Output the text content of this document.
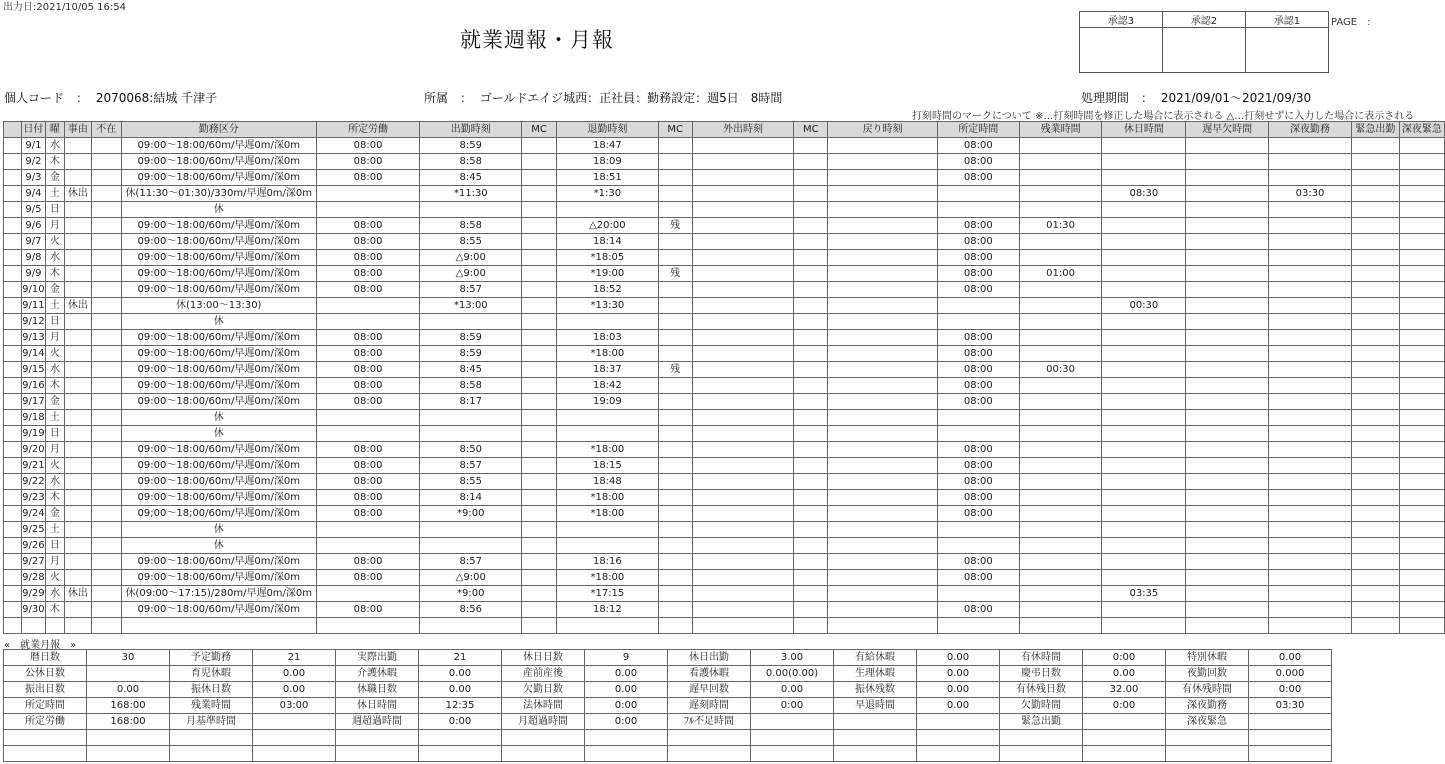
出力日:2021/10/05 16:54
就業週報・月報
承認3	承認2	承認1
			PAGE　:
個人コード　： 2070068:結城 千津子	所属　： ゴールドエイジ城西：正社員：勤務設定：週5日　8時間	処理期間　： 2021/09/01〜2021/09/30
打刻時間のマークについて ※…打刻時間を修正した場合に表示される △…打刻せずに入力した場合に表示される
	日付	曜	事由	不在	勤務区分	所定労働	出勤時刻	MC	退勤時刻	MC	外出時刻	MC	戻り時刻	所定時間	残業時間	休日時間	遅早欠時間	深夜勤務	緊急出勤	深夜緊急
	9/1	水			09:00〜18:00/60m/早遅0m/深0m	08:00	8:59		18:47					08:00						
	9/2	木			09:00〜18:00/60m/早遅0m/深0m	08:00	8:58		18:09					08:00						
	9/3	金			09:00〜18:00/60m/早遅0m/深0m	08:00	8:45		18:51					08:00						
	9/4	土	休出		休(11:30〜01:30)/330m/早遅0m/深0m		*11:30		*1:30							08:30		03:30		
	9/5	日			休															
	9/6	月			09:00〜18:00/60m/早遅0m/深0m	08:00	8:58		△20:00	残				08:00	01:30					
	9/7	火			09:00〜18:00/60m/早遅0m/深0m	08:00	8:55		18:14					08:00						
	9/8	水			09:00〜18:00/60m/早遅0m/深0m	08:00	△9:00		*18:05					08:00						
	9/9	木			09:00〜18:00/60m/早遅0m/深0m	08:00	△9:00		*19:00	残				08:00	01:00					
	9/10	金			09:00〜18:00/60m/早遅0m/深0m	08:00	8:57		18:52					08:00						
	9/11	土	休出		休(13:00〜13:30)		*13:00		*13:30							00:30				
	9/12	日			休															
	9/13	月			09:00〜18:00/60m/早遅0m/深0m	08:00	8:59		18:03					08:00						
	9/14	火			09:00〜18:00/60m/早遅0m/深0m	08:00	8:59		*18:00					08:00						
	9/15	水			09:00〜18:00/60m/早遅0m/深0m	08:00	8:45		18:37	残				08:00	00:30					
	9/16	木			09:00〜18:00/60m/早遅0m/深0m	08:00	8:58		18:42					08:00						
	9/17	金			09:00〜18:00/60m/早遅0m/深0m	08:00	8:17		19:09					08:00						
	9/18	土			休															
	9/19	日			休															
	9/20	月			09:00〜18:00/60m/早遅0m/深0m	08:00	8:50		*18:00					08:00						
	9/21	火			09:00〜18:00/60m/早遅0m/深0m	08:00	8:57		18:15					08:00						
	9/22	水			09:00〜18:00/60m/早遅0m/深0m	08:00	8:55		18:48					08:00						
	9/23	木			09:00〜18:00/60m/早遅0m/深0m	08:00	8:14		*18:00					08:00						
	9/24	金			09;00〜18;00/60m/早遅0m/深0m	08:00	*9:00		*18:00					08:00						
	9/25	土			休															
	9/26	日			休															
	9/27	月			09:00〜18:00/60m/早遅0m/深0m	08:00	8:57		18:16					08:00						
	9/28	火			09:00〜18:00/60m/早遅0m/深0m	08:00	△9:00		*18:00					08:00						
	9/29	水	休出		休(09:00〜17:15)/280m/早遅0m/深0m		*9:00		*17:15							03:35				
	9/30	木			09:00〜18:00/60m/早遅0m/深0m	08:00	8:56		18:12					08:00						

«　就業月報　»
暦日数	30	予定勤務	21	実際出勤	21	休日日数	9	休日出勤	3.00	有給休暇	0.00	有休時間	0:00	特別休暇	0.00
公休日数		育児休暇	0.00	介護休暇	0.00	産前産後	0.00	看護休暇	0.00(0.00)	生理休暇	0.00	慶弔日数	0.00	夜勤回数	0.000
振出日数	0.00	振休日数	0.00	休職日数	0.00	欠勤日数	0.00	遅早回数	0.00	振休残数	0.00	有休残日数	32.00	有休残時間	0:00
所定時間	168:00	残業時間	03:00	休日時間	12:35	法休時間	0:00	遅刻時間	0:00	早退時間	0.00	欠勤時間	0:00	深夜勤務	03:30
所定労働	168:00	月基準時間		週超過時間	0:00	月超過時間	0:00	ﾌﾙ不足時間				緊急出勤		深夜緊急	
